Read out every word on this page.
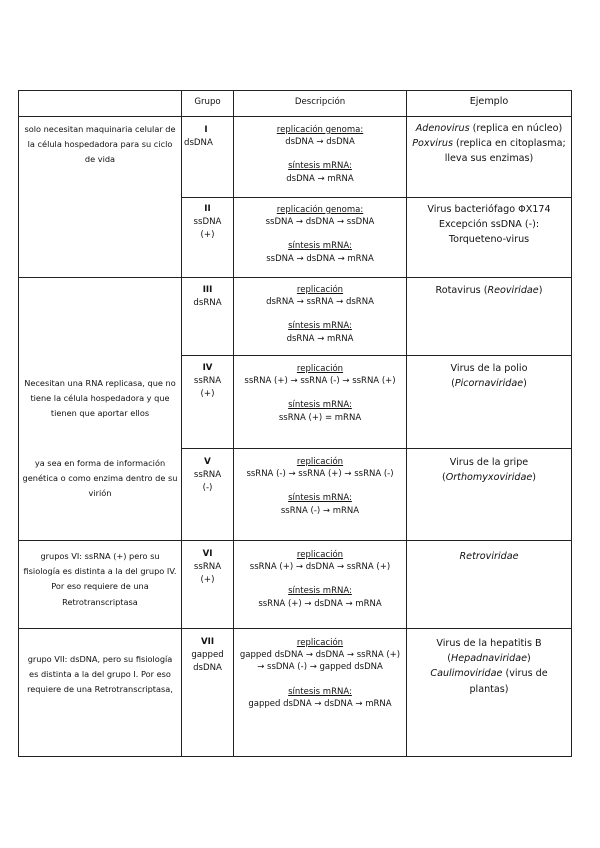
Grupo	Descripción	Ejemplo
solo necesitan maquinaria celular de la célula hospedadora para su ciclo de vida
Necesitan una RNA replicasa, que no tiene la célula hospedadora y que tienen que aportar ellos
ya sea en forma de información genética o como enzima dentro de su virión
grupos VI: ssRNA (+) pero su fisiología es distinta a la del grupo IV. Por eso requiere de una Retrotranscriptasa
grupo VII: dsDNA, pero su fisiología es distinta a la del grupo I. Por eso requiere de una Retrotranscriptasa,
I
dsDNA
replicación genoma:
dsDNA → dsDNA
síntesis mRNA:
dsDNA → mRNA
Adenovirus (replica en núcleo)
Poxvirus (replica en citoplasma; lleva sus enzimas)
II
ssDNA
(+)
replicación genoma:
ssDNA → dsDNA → ssDNA
síntesis mRNA:
ssDNA → dsDNA → mRNA
Virus bacteriófago ΦX174 Excepción ssDNA (-): Torqueteno-virus
III
dsRNA
replicación
dsRNA → ssRNA → dsRNA
síntesis mRNA:
dsRNA → mRNA
Rotavirus (Reoviridae)
IV
ssRNA
(+)
replicación
ssRNA (+) → ssRNA (-) → ssRNA (+)
síntesis mRNA:
ssRNA (+) = mRNA
Virus de la polio
(Picornaviridae)
V
ssRNA
(-)
replicación
ssRNA (-) → ssRNA (+) → ssRNA (-)
síntesis mRNA:
ssRNA (-) → mRNA
Virus de la gripe
(Orthomyxoviridae)
VI
ssRNA
(+)
replicación
ssRNA (+) → dsDNA → ssRNA (+)
síntesis mRNA:
ssRNA (+) → dsDNA → mRNA
Retroviridae
VII
gapped
dsDNA
replicación
gapped dsDNA → dsDNA → ssRNA (+) → ssDNA (-) → gapped dsDNA
síntesis mRNA:
gapped dsDNA → dsDNA → mRNA
Virus de la hepatitis B
(Hepadnaviridae)
Caulimoviridae (virus de plantas)
